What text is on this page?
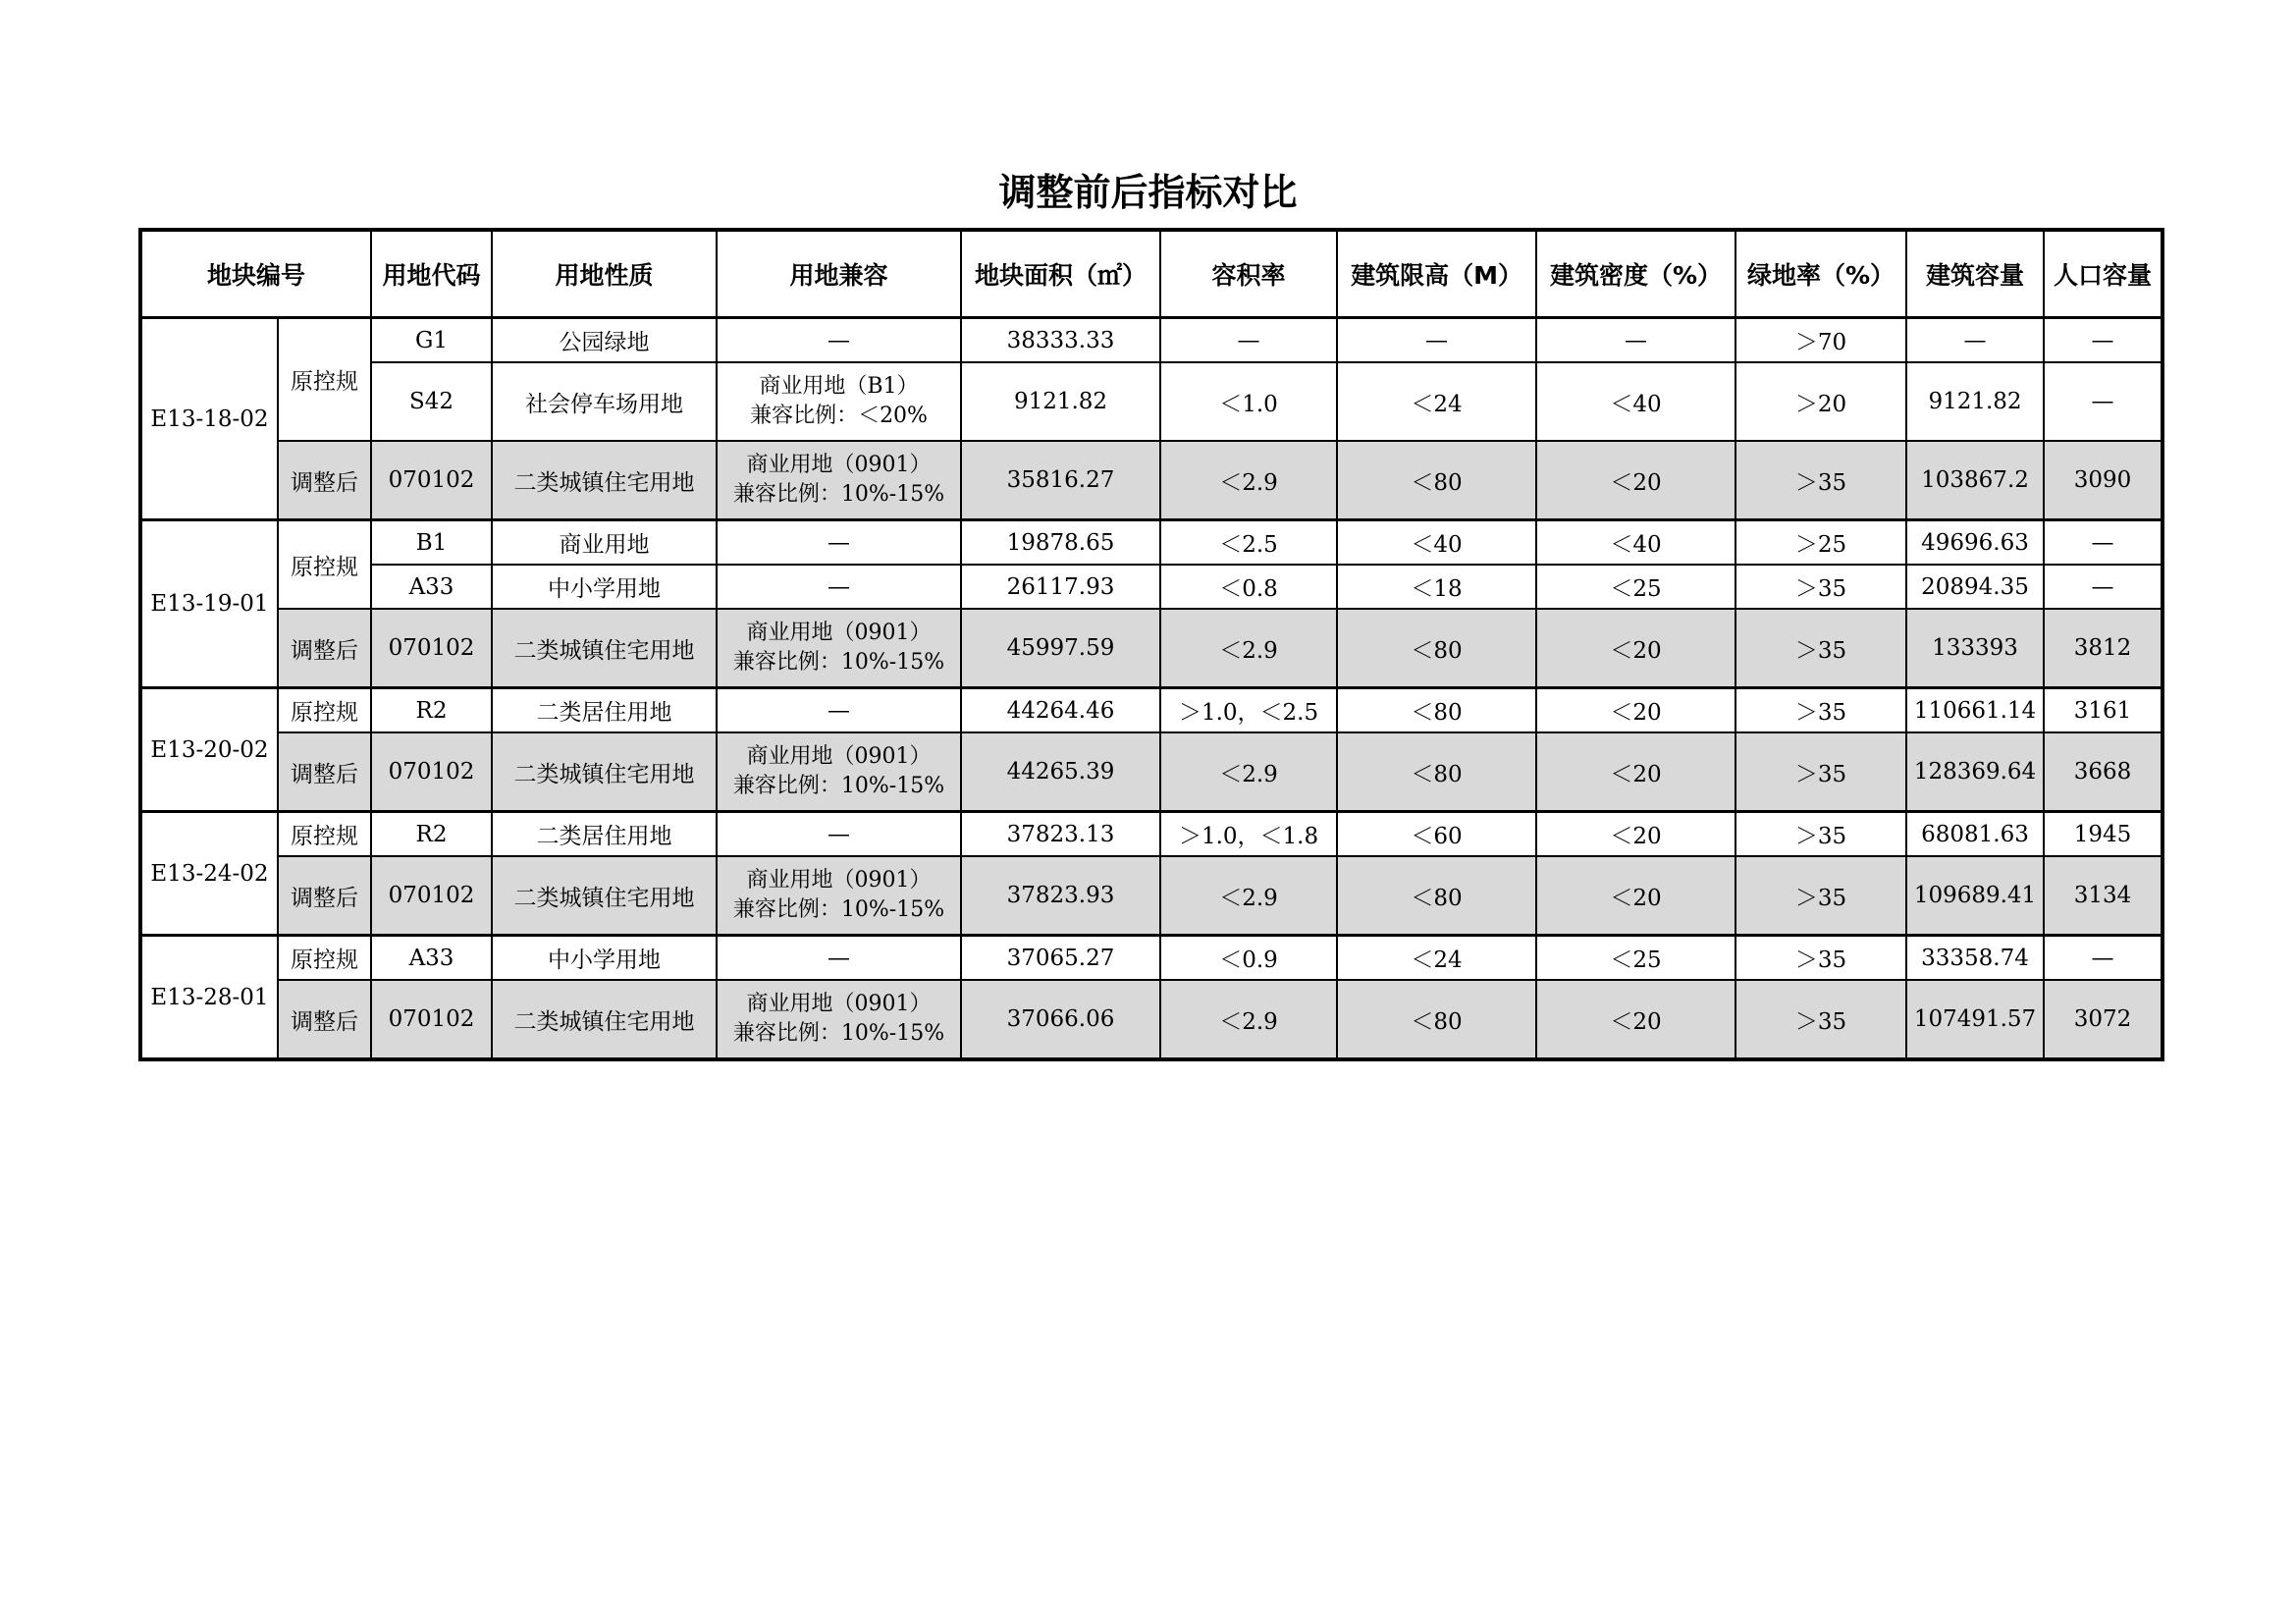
调整前后指标对比
地块编号		用地代码	用地性质	用地兼容	地块面积（㎡）	容积率	建筑限高（M）	建筑密度（%）	绿地率（%）	建筑容量	人口容量
E13-18-02	原控规	G1	公园绿地	—	38333.33	—	—	—	＞70	—	—
		S42	社会停车场用地	商业用地（B1）
兼容比例：＜20%	9121.82	＜1.0	＜24	＜40	＞20	9121.82	—
	调整后	070102	二类城镇住宅用地	商业用地（0901）
兼容比例：10%-15%	35816.27	＜2.9	＜80	＜20	＞35	103867.2	3090
E13-19-01	原控规	B1	商业用地	—	19878.65	＜2.5	＜40	＜40	＞25	49696.63	—
		A33	中小学用地	—	26117.93	＜0.8	＜18	＜25	＞35	20894.35	—
	调整后	070102	二类城镇住宅用地	商业用地（0901）
兼容比例：10%-15%	45997.59	＜2.9	＜80	＜20	＞35	133393	3812
E13-20-02	原控规	R2	二类居住用地	—	44264.46	＞1.0，＜2.5	＜80	＜20	＞35	110661.14	3161
	调整后	070102	二类城镇住宅用地	商业用地（0901）
兼容比例：10%-15%	44265.39	＜2.9	＜80	＜20	＞35	128369.64	3668
E13-24-02	原控规	R2	二类居住用地	—	37823.13	＞1.0，＜1.8	＜60	＜20	＞35	68081.63	1945
	调整后	070102	二类城镇住宅用地	商业用地（0901）
兼容比例：10%-15%	37823.93	＜2.9	＜80	＜20	＞35	109689.41	3134
E13-28-01	原控规	A33	中小学用地	—	37065.27	＜0.9	＜24	＜25	＞35	33358.74	—
	调整后	070102	二类城镇住宅用地	商业用地（0901）
兼容比例：10%-15%	37066.06	＜2.9	＜80	＜20	＞35	107491.57	3072
